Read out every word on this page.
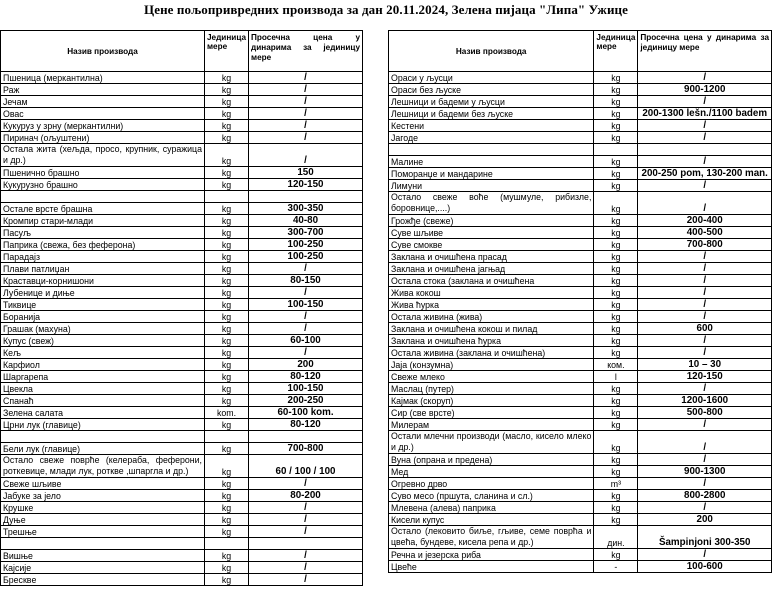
Цене пољопривредних производа за дан 20.11.2024, Зелена пијаца "Липа" Ужице
Назив производа	Јединица мере	Просечна цена у динарима за јединицу мере
Пшеница (меркантилна)	kg	/
Раж	kg	/
Јечам	kg	/
Овас	kg	/
Кукуруз у зрну (меркантилни)	kg	/
Пиринач (ољуштени)	kg	/
Остала жита (хељда, просо, крупник, суражица и др.)	kg	/
Пшенично брашно	kg	150
Кукурузно брашно	kg	120-150

Остале врсте брашна	kg	300-350
Кромпир стари-млади	kg	40-80
Пасуљ	kg	300-700
Паприка (свежа, без феферона)	kg	100-250
Парадајз	kg	100-250
Плави патлиџан	kg	/
Краставци-корнишони	kg	80-150
Лубенице и диње	kg	/
Тиквице	kg	100-150
Боранија	kg	/
Грашак (махуна)	kg	/
Купус (свеж)	kg	60-100
Кељ	kg	/
Карфиол	kg	200
Шаргарепа	kg	80-120
Цвекла	kg	100-150
Спанаћ	kg	200-250
Зелена салата	kom.	60-100 kom.
Црни лук (главице)	kg	80-120

Бели лук (главице)	kg	700-800
Остало свеже поврће (келераба, феферони, роткевице, млади лук, ротквe ,шпаргла и др.)	kg	60 / 100 / 100
Свеже шљиве	kg	/
Јабуке за јело	kg	80-200
Крушке	kg	/
Дуње	kg	/
Трешње	kg	/

Вишње	kg	/
Кајсије	kg	/
Бресквe	kg	/
Назив производа	Јединица мере	Просечна цена у динарима за јединицу мере
Ораси у љусци	kg	/
Ораси без љуске	kg	900-1200
Лешници и бадеми у љусци	kg	/
Лешници и бадеми без љуске	kg	200-1300 lešn./1100 badem
Кестени	kg	/
Јагоде	kg	/

Малине	kg	/
Поморанџе и мандарине	kg	200-250 pom, 130-200 man.
Лимуни	kg	/
Остало свеже воће (мушмуле, рибизле, боровнице,....)	kg	/
Грожђе (свеже)	kg	200-400
Суве шљиве	kg	400-500
Суве смокве	kg	700-800
Заклана и очишћена прасад	kg	/
Заклана и очишћена јагњад	kg	/
Остала стока (заклана и очишћена	kg	/
Жива кокош	kg	/
Жива ћурка	kg	/
Остала живина (жива)	kg	/
Заклана и очишћена кокош и пилад	kg	600
Заклана и очишћена ћурка	kg	/
Остала живина (заклана и очишћена)	kg	/
Јаја (конзумна)	ком.	10 – 30
Свеже млеко	l	120-150
Маслац (путер)	kg	/
Кајмак (скоруп)	kg	1200-1600
Сир (све врсте)	kg	500-800
Милерам	kg	/
Остали млечни производи (масло, кисело млеко и др.)	kg	/
Вуна (опрана и предена)	kg	/
Мед	kg	900-1300
Огревно дрво	m³	/
Суво месо (пршута, сланина и сл.)	kg	800-2800
Млевена (алева) паприка	kg	/
Кисели купус	kg	200
Остало (лековито биље, гљиве, семе поврћа и цвећа, бундеве, кисела репа и др.)	дин.	Šampinjoni 300-350
Речна и језерска риба	kg	/
Цвеће	-	100-600
